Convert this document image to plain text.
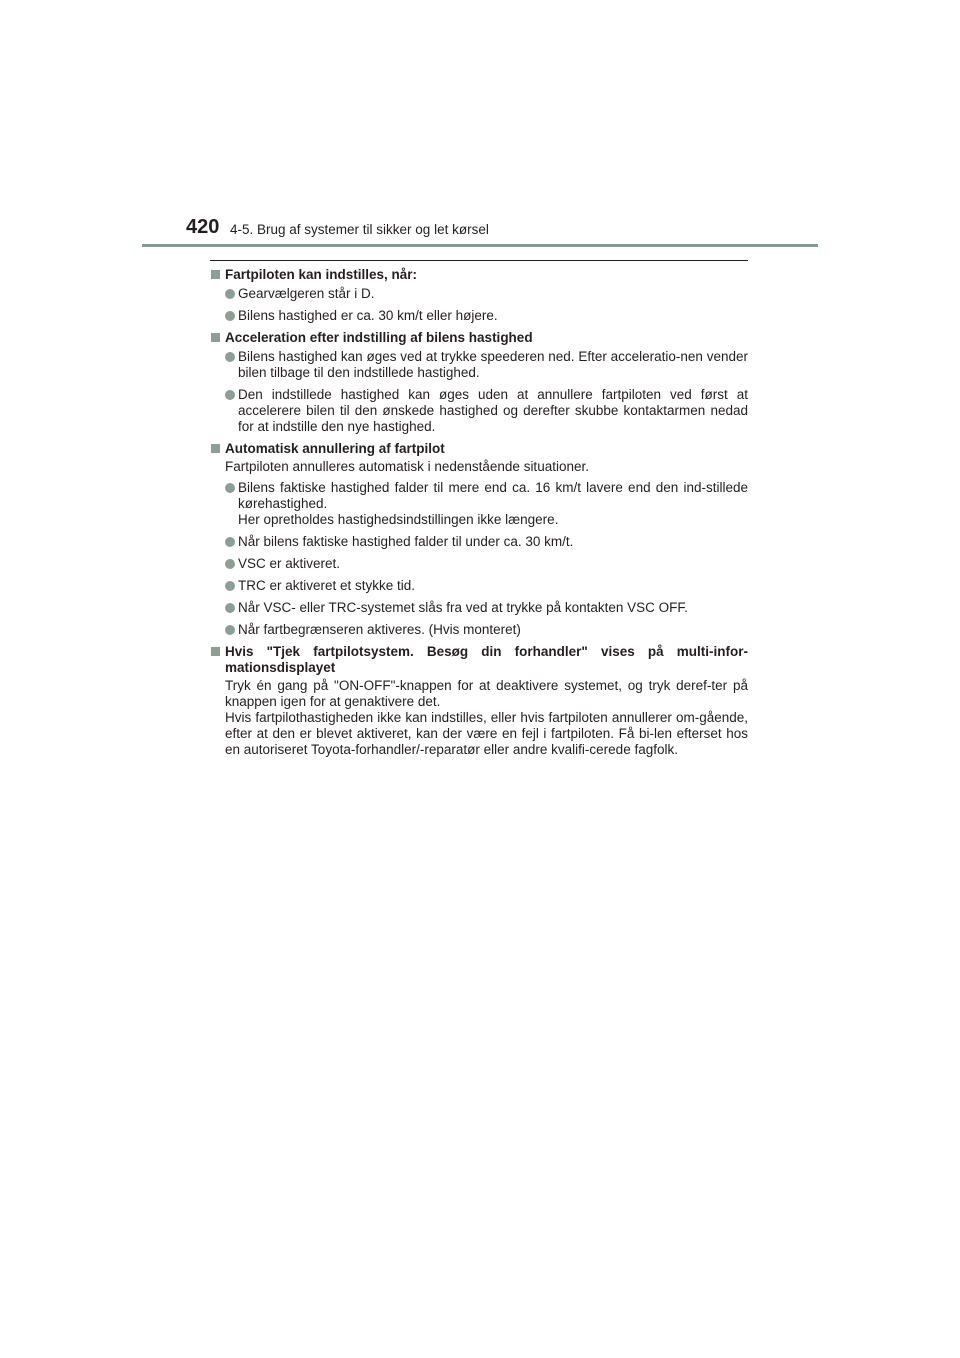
420 4-5. Brug af systemer til sikker og let kørsel
Fartpiloten kan indstilles, når:
Gearvælgeren står i D.
Bilens hastighed er ca. 30 km/t eller højere.
Acceleration efter indstilling af bilens hastighed
Bilens hastighed kan øges ved at trykke speederen ned. Efter acceleratio-nen vender bilen tilbage til den indstillede hastighed.
Den indstillede hastighed kan øges uden at annullere fartpiloten ved først at accelerere bilen til den ønskede hastighed og derefter skubbe kontaktarmen nedad for at indstille den nye hastighed.
Automatisk annullering af fartpilot
Fartpiloten annulleres automatisk i nedenstående situationer.
Bilens faktiske hastighed falder til mere end ca. 16 km/t lavere end den ind-stillede kørehastighed.
Her opretholdes hastighedsindstillingen ikke længere.
Når bilens faktiske hastighed falder til under ca. 30 km/t.
VSC er aktiveret.
TRC er aktiveret et stykke tid.
Når VSC- eller TRC-systemet slås fra ved at trykke på kontakten VSC OFF.
Når fartbegrænseren aktiveres. (Hvis monteret)
Hvis "Tjek fartpilotsystem. Besøg din forhandler" vises på multi-infor-mationsdisplayet
Tryk én gang på "ON-OFF"-knappen for at deaktivere systemet, og tryk deref-ter på knappen igen for at genaktivere det.
Hvis fartpilothastigheden ikke kan indstilles, eller hvis fartpiloten annullerer om-gående, efter at den er blevet aktiveret, kan der være en fejl i fartpiloten. Få bi-len efterset hos en autoriseret Toyota-forhandler/-reparatør eller andre kvalifi-cerede fagfolk.
